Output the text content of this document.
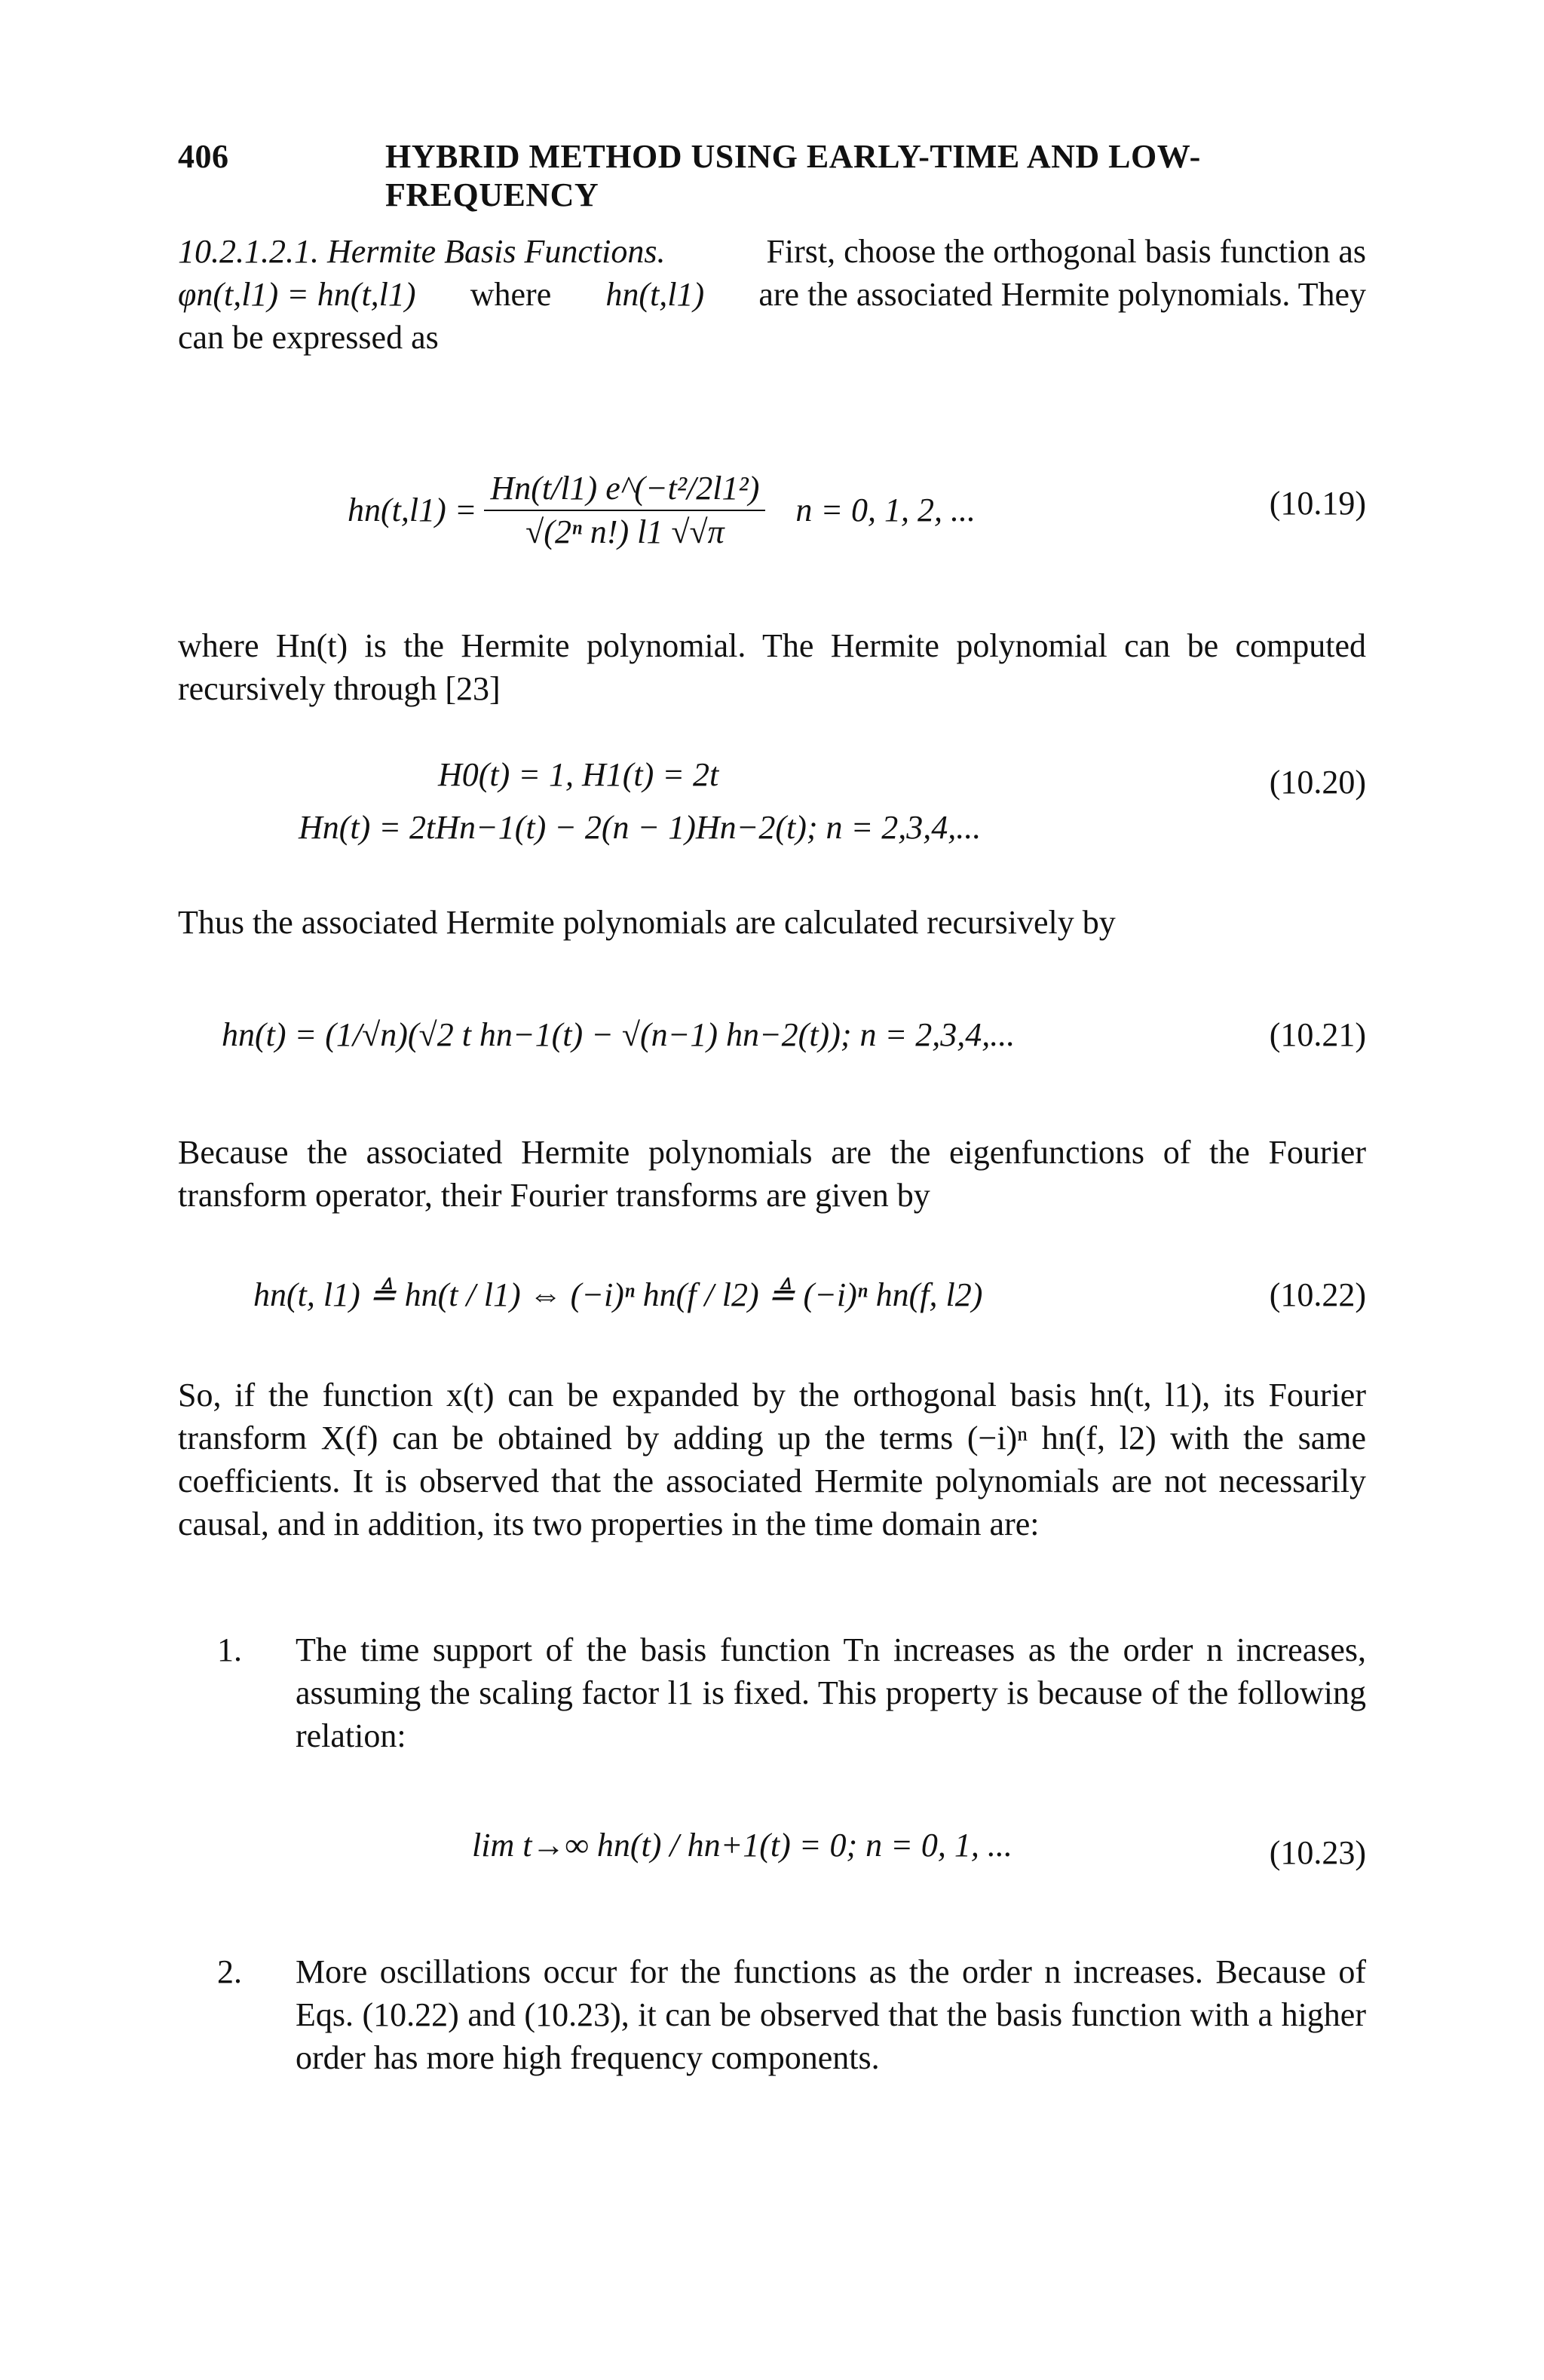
406	HYBRID METHOD USING EARLY-TIME AND LOW-FREQUENCY
10.2.1.2.1. Hermite Basis Functions.	First, choose the orthogonal basis function as
φn(t,l1) = hn(t,l1) where hn(t,l1) are the associated Hermite polynomials. They
can be expressed as
$hn(t,l1) = \frac{\text{Hn(t/l1) e\textasciicircum{}(−t²/2l1²)}}{\text{√(2ⁿ n!) l1 √√π}}$ n = 0, 1, 2, ...	(10.19)
where Hn(t) is the Hermite polynomial. The Hermite polynomial can be computed recursively through [23]
H0(t) = 1, H1(t) = 2t
Hn(t) = 2tHn−1(t) − 2(n − 1)Hn−2(t); n = 2,3,4,...
(10.20)
Thus the associated Hermite polynomials are calculated recursively by
hn(t) = (1/√n)(√2 t hn−1(t) − √(n−1) hn−2(t)); n = 2,3,4,...	(10.21)
Because the associated Hermite polynomials are the eigenfunctions of the Fourier transform operator, their Fourier transforms are given by
hn(t, l1) ≜ hn(t / l1) ⇔ (−i)ⁿ hn(f / l2) ≜ (−i)ⁿ hn(f, l2)	(10.22)
So, if the function x(t) can be expanded by the orthogonal basis hn(t, l1), its Fourier transform X(f) can be obtained by adding up the terms (−i)ⁿ hn(f, l2) with the same coefficients. It is observed that the associated Hermite polynomials are not necessarily causal, and in addition, its two properties in the time domain are:
1. The time support of the basis function Tn increases as the order n increases, assuming the scaling factor l1 is fixed. This property is because of the following relation:
lim t→∞ hn(t) / hn+1(t) = 0; n = 0, 1, ...	(10.23)
2. More oscillations occur for the functions as the order n increases. Because of Eqs. (10.22) and (10.23), it can be observed that the basis function with a higher order has more high frequency components.
